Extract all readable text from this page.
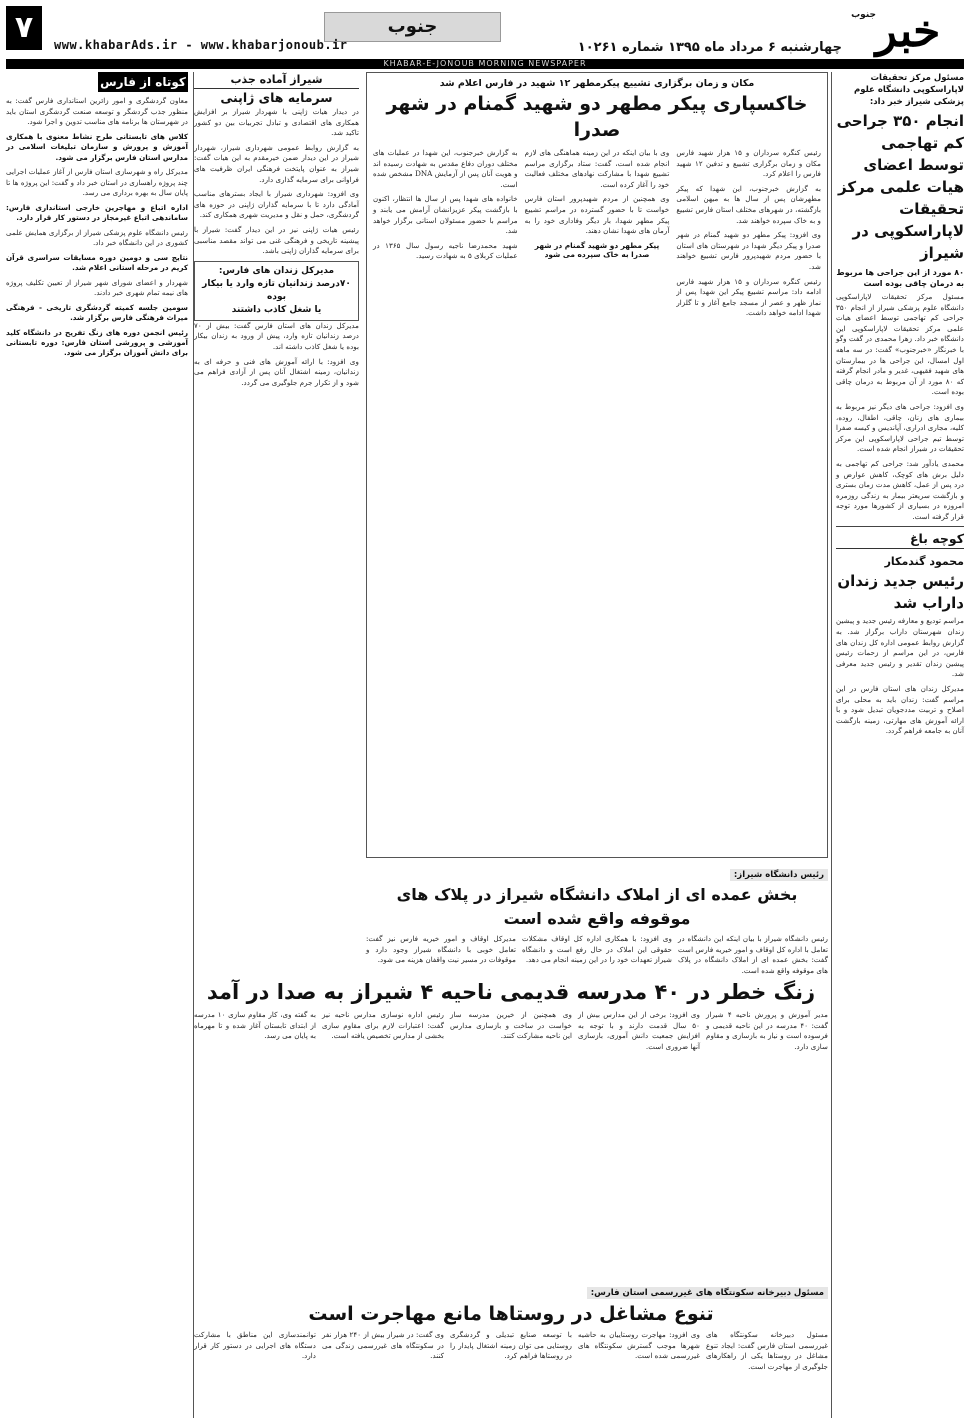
خبر
جنوب
چهارشنبه ۶ مرداد ماه ۱۳۹۵ شماره ۱۰۲۶۱
جنوب
www.khabarAds.ir - www.khabarjonoub.ir
۷
KHABAR-E-JONOUB MORNING NEWSPAPER
مسئول مرکز تحقیقات لاپاراسکوپی دانشگاه علوم پزشکی شیراز خبر داد:
انجام ۳۵۰ جراحی کم تهاجمی توسط اعضای هیات علمی مرکز تحقیقات لاپاراسکوپی در شیراز
۸۰ مورد از این جراحی ها مربوط به درمان چاقی بوده است

مسئول مرکز تحقیقات لاپاراسکوپی دانشگاه علوم پزشکی شیراز از انجام ۳۵۰ جراحی کم تهاجمی توسط اعضای هیات علمی مرکز تحقیقات لاپاراسکوپی این دانشگاه خبر داد. زهرا محمدی در گفت وگو با خبرنگار «خبرجنوب» گفت: در سه ماهه اول امسال، این جراحی ها در بیمارستان های شهید فقیهی، غدیر و مادر انجام گرفته که ۸۰ مورد از آن مربوط به درمان چاقی بوده است.

وی افزود: جراحی های دیگر نیز مربوط به بیماری های زنان، چاقی، اطفال، روده، کلیه، مجاری ادراری، آپاندیس و کیسه صفرا توسط تیم جراحی لاپاراسکوپی این مرکز تحقیقات در شیراز انجام شده است.

محمدی یادآور شد: جراحی کم تهاجمی به دلیل برش های کوچک، کاهش عوارض و درد پس از عمل، کاهش مدت زمان بستری و بازگشت سریعتر بیمار به زندگی روزمره امروزه در بسیاری از کشورها مورد توجه قرار گرفته است.

کوچه باغ
محمود گندمکار
رئیس جدید زندان داراب شد

مراسم تودیع و معارفه رئیس جدید و پیشین زندان شهرستان داراب برگزار شد. به گزارش روابط عمومی اداره کل زندان های فارس، در این مراسم از زحمات رئیس پیشین زندان تقدیر و رئیس جدید معرفی شد.

مدیرکل زندان های استان فارس در این مراسم گفت: زندان باید به محلی برای اصلاح و تربیت مددجویان تبدیل شود و با ارائه آموزش های مهارتی، زمینه بازگشت آنان به جامعه فراهم گردد.

مکان و زمان برگزاری تشییع پیکرمطهر ۱۲ شهید در فارس اعلام شد
خاکسپاری پیکر مطهر دو شهید گمنام در شهر صدرا

رئیس کنگره سرداران و ۱۵ هزار شهید فارس مکان و زمان برگزاری تشییع و تدفین ۱۲ شهید فارس را اعلام کرد.

به گزارش خبرجنوب، این شهدا که پیکر مطهرشان پس از سال ها به میهن اسلامی بازگشته، در شهرهای مختلف استان فارس تشییع و به خاک سپرده خواهند شد.

وی افزود: پیکر مطهر دو شهید گمنام در شهر صدرا و پیکر دیگر شهدا در شهرستان های استان با حضور مردم شهیدپرور فارس تشییع خواهند شد.

رئیس کنگره سرداران و ۱۵ هزار شهید فارس ادامه داد: مراسم تشییع پیکر این شهدا پس از نماز ظهر و عصر از مسجد جامع آغاز و تا گلزار شهدا ادامه خواهد داشت.

وی با بیان اینکه در این زمینه هماهنگی های لازم انجام شده است، گفت: ستاد برگزاری مراسم تشییع شهدا با مشارکت نهادهای مختلف فعالیت خود را آغاز کرده است.

وی همچنین از مردم شهیدپرور استان فارس خواست تا با حضور گسترده در مراسم تشییع پیکر مطهر شهدا، بار دیگر وفاداری خود را به آرمان های شهدا نشان دهند.

پیکر مطهر دو شهید گمنام در شهر صدرا به خاک سپرده می شود

به گزارش خبرجنوب، این شهدا در عملیات های مختلف دوران دفاع مقدس به شهادت رسیده اند و هویت آنان پس از آزمایش DNA مشخص شده است.

خانواده های شهدا پس از سال ها انتظار، اکنون با بازگشت پیکر عزیزانشان آرامش می یابند و مراسم با حضور مسئولان استانی برگزار خواهد شد.

شهید محمدرضا ناجیه رسول سال ۱۳۶۵ در عملیات کربلای ۵ به شهادت رسید.

شیراز آماده جذب
سرمایه های ژاپنی

در دیدار هیات ژاپنی با شهردار شیراز بر افزایش همکاری های اقتصادی و تبادل تجربیات بین دو کشور تاکید شد.

به گزارش روابط عمومی شهرداری شیراز، شهردار شیراز در این دیدار ضمن خیرمقدم به این هیات گفت: شیراز به عنوان پایتخت فرهنگی ایران ظرفیت های فراوانی برای سرمایه گذاری دارد.

وی افزود: شهرداری شیراز با ایجاد بسترهای مناسب آمادگی دارد تا با سرمایه گذاران ژاپنی در حوزه های گردشگری، حمل و نقل و مدیریت شهری همکاری کند.

رئیس هیات ژاپنی نیز در این دیدار گفت: شیراز با پیشینه تاریخی و فرهنگی غنی می تواند مقصد مناسبی برای سرمایه گذاران ژاپنی باشد.

مدیرکل زندان های فارس:
۷۰درصد زندانیان تازه وارد یا بیکار بوده
یا شغل کاذب داشتند

مدیرکل زندان های استان فارس گفت: بیش از ۷۰ درصد زندانیان تازه وارد، پیش از ورود به زندان بیکار بوده یا شغل کاذب داشته اند.

وی افزود: با ارائه آموزش های فنی و حرفه ای به زندانیان، زمینه اشتغال آنان پس از آزادی فراهم می شود و از تکرار جرم جلوگیری می گردد.

کوتاه از فارس

معاون گردشگری و امور زائرین استانداری فارس گفت: به منظور جذب گردشگر و توسعه صنعت گردشگری استان باید در شهرستان ها برنامه های مناسب تدوین و اجرا شود.

کلاس های تابستانی طرح نشاط معنوی با همکاری آموزش و پرورش و سازمان تبلیغات اسلامی در مدارس استان فارس برگزار می شود.

مدیرکل راه و شهرسازی استان فارس از آغاز عملیات اجرایی چند پروژه راهسازی در استان خبر داد و گفت: این پروژه ها تا پایان سال به بهره برداری می رسد.

اداره اتباع و مهاجرین خارجی استانداری فارس: ساماندهی اتباع غیرمجاز در دستور کار قرار دارد.

رئیس دانشگاه علوم پزشکی شیراز از برگزاری همایش علمی کشوری در این دانشگاه خبر داد.

نتایج سی و دومین دوره مسابقات سراسری قرآن کریم در مرحله استانی اعلام شد.

شهردار و اعضای شورای شهر شیراز از تعیین تکلیف پروژه های نیمه تمام شهری خبر دادند.

سومین جلسه کمیته گردشگری تاریخی - فرهنگی میراث فرهنگی فارس برگزار شد.

رئیس انجمن دوره های زنگ تفریح در دانشگاه کلید آموزشی و پرورشی استان فارس: دوره تابستانی برای دانش آموزان برگزار می شود.

رئیس دانشگاه شیراز:
بخش عمده ای از املاک دانشگاه شیراز در پلاک های موقوفه واقع شده است

رئیس دانشگاه شیراز با بیان اینکه این دانشگاه در تعامل با اداره کل اوقاف و امور خیریه فارس است گفت: بخش عمده ای از املاک دانشگاه در پلاک های موقوفه واقع شده است.

وی افزود: با همکاری اداره کل اوقاف مشکلات حقوقی این املاک در حال رفع است و دانشگاه شیراز تعهدات خود را در این زمینه انجام می دهد.

مدیرکل اوقاف و امور خیریه فارس نیز گفت: تعامل خوبی با دانشگاه شیراز وجود دارد و موقوفات در مسیر نیت واقفان هزینه می شود.

زنگ خطر در ۴۰ مدرسه قدیمی ناحیه ۴ شیراز به صدا در آمد

مدیر آموزش و پرورش ناحیه ۴ شیراز گفت: ۴۰ مدرسه در این ناحیه قدیمی و فرسوده است و نیاز به بازسازی و مقاوم سازی دارد.

وی افزود: برخی از این مدارس بیش از ۵۰ سال قدمت دارند و با توجه به افزایش جمعیت دانش آموزی، بازسازی آنها ضروری است.

وی همچنین از خیرین مدرسه ساز خواست در ساخت و بازسازی مدارس این ناحیه مشارکت کنند.

رئیس اداره نوسازی مدارس ناحیه نیز گفت: اعتبارات لازم برای مقاوم سازی بخشی از مدارس تخصیص یافته است.

به گفته وی، کار مقاوم سازی ۱۰ مدرسه از ابتدای تابستان آغاز شده و تا مهرماه به پایان می رسد.

مسئول دبیرخانه سکونتگاه های غیررسمی استان فارس:
تنوع مشاغل در روستاها مانع مهاجرت است

مسئول دبیرخانه سکونتگاه های غیررسمی استان فارس گفت: ایجاد تنوع مشاغل در روستاها یکی از راهکارهای جلوگیری از مهاجرت است.

وی افزود: مهاجرت روستاییان به حاشیه شهرها موجب گسترش سکونتگاه های غیررسمی شده است.

با توسعه صنایع تبدیلی و گردشگری روستایی می توان زمینه اشتغال پایدار را در روستاها فراهم کرد.

وی گفت: در شیراز بیش از ۲۴۰ هزار نفر در سکونتگاه های غیررسمی زندگی می کنند.

توانمندسازی این مناطق با مشارکت دستگاه های اجرایی در دستور کار قرار دارد.
